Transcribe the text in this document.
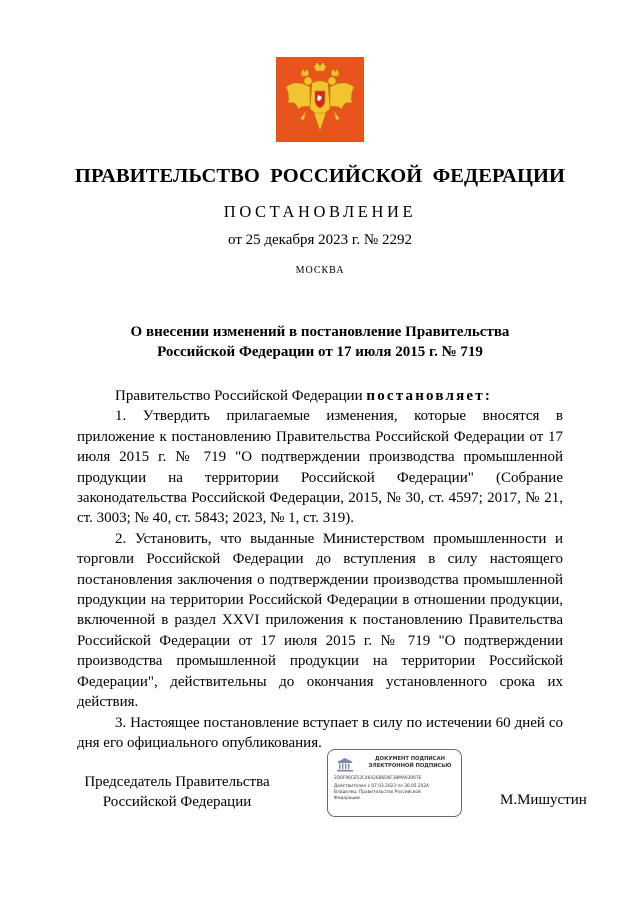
ПРАВИТЕЛЬСТВО РОССИЙСКОЙ ФЕДЕРАЦИИ
ПОСТАНОВЛЕНИЕ
от 25 декабря 2023 г. № 2292
МОСКВА
О внесении изменений в постановление Правительства
Российской Федерации от 17 июля 2015 г. № 719

Правительство Российской Федерации постановляет:

1. Утвердить прилагаемые изменения, которые вносятся в приложение к постановлению Правительства Российской Федерации от 17 июля 2015 г. № 719 "О подтверждении производства промышленной продукции на территории Российской Федерации" (Собрание законодательства Российской Федерации, 2015, № 30, ст. 4597; 2017, № 21, ст. 3003; № 40, ст. 5843; 2023, № 1, ст. 319).

2. Установить, что выданные Министерством промышленности и торговли Российской Федерации до вступления в силу настоящего постановления заключения о подтверждении производства промышленной продукции на территории Российской Федерации в отношении продукции, включенной в раздел XXVI приложения к постановлению Правительства Российской Федерации от 17 июля 2015 г. № 719 "О подтверждении производства промышленной продукции на территории Российской Федерации", действительны до окончания установленного срока их действия.

3. Настоящее постановление вступает в силу по истечении 60 дней со дня его официального опубликования.

Председатель Правительства
Российской Федерации
ДОКУМЕНТ ПОДПИСАН
ЭЛЕКТРОННОЙ ПОДПИСЬЮ
2D0F96CE53C46426B6D6F38MA93067E
Действителен с 07.03.2023 по 30.05.2024
Владелец: Правительство Российской
Федерации	М.Мишустин
